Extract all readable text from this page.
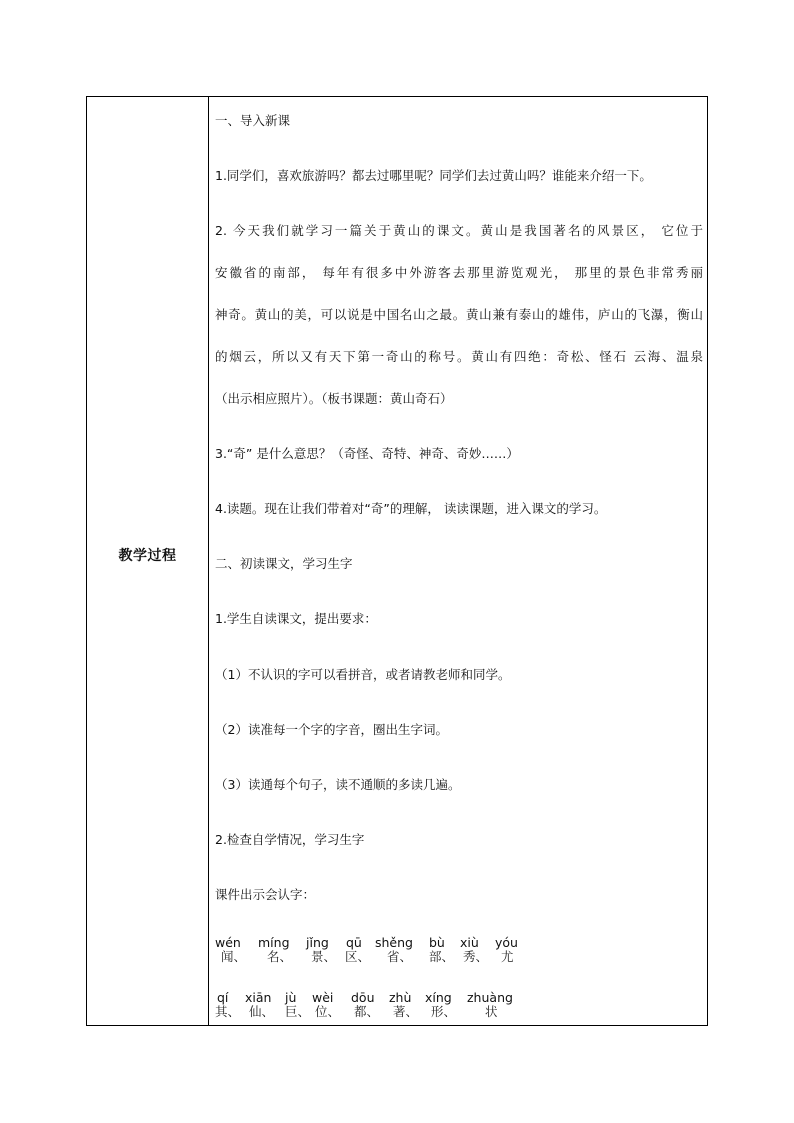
教学过程
一、导入新课
1.同学们，喜欢旅游吗？都去过哪里呢？同学们去过黄山吗？谁能来介绍一下。
2. 今天我们就学习一篇关于黄山的课文。黄山是我国著名的风景区， 它位于
安徽省的南部， 每年有很多中外游客去那里游览观光， 那里的景色非常秀丽
神奇。黄山的美，可以说是中国名山之最。黄山兼有泰山的雄伟，庐山的飞瀑，衡山
的烟云，所以又有天下第一奇山的称号。黄山有四绝：奇松、怪石 云海、温泉
（出示相应照片）。（板书课题：黄山奇石）
3.“奇” 是什么意思？（奇怪、奇特、神奇、奇妙……）
4.读题。现在让我们带着对“奇”的理解， 读读课题，进入课文的学习。
二、初读课文，学习生字
1.学生自读课文，提出要求：
（1）不认识的字可以看拼音，或者请教老师和同学。
（2）读准每一个字的字音，圈出生字词。
（3）读通每个句子，读不通顺的多读几遍。
2.检查自学情况，学习生字
课件出示会认字：
wén
闻、
míng
名、
jǐng
景、
qū
区、
shěng
省、
bù
部、
xiù
秀、
yóu
尤
qí
其、
xiān
仙、
jù
巨、
wèi
位、
dōu
都、
zhù
著、
xíng
形、
zhuàng
状
